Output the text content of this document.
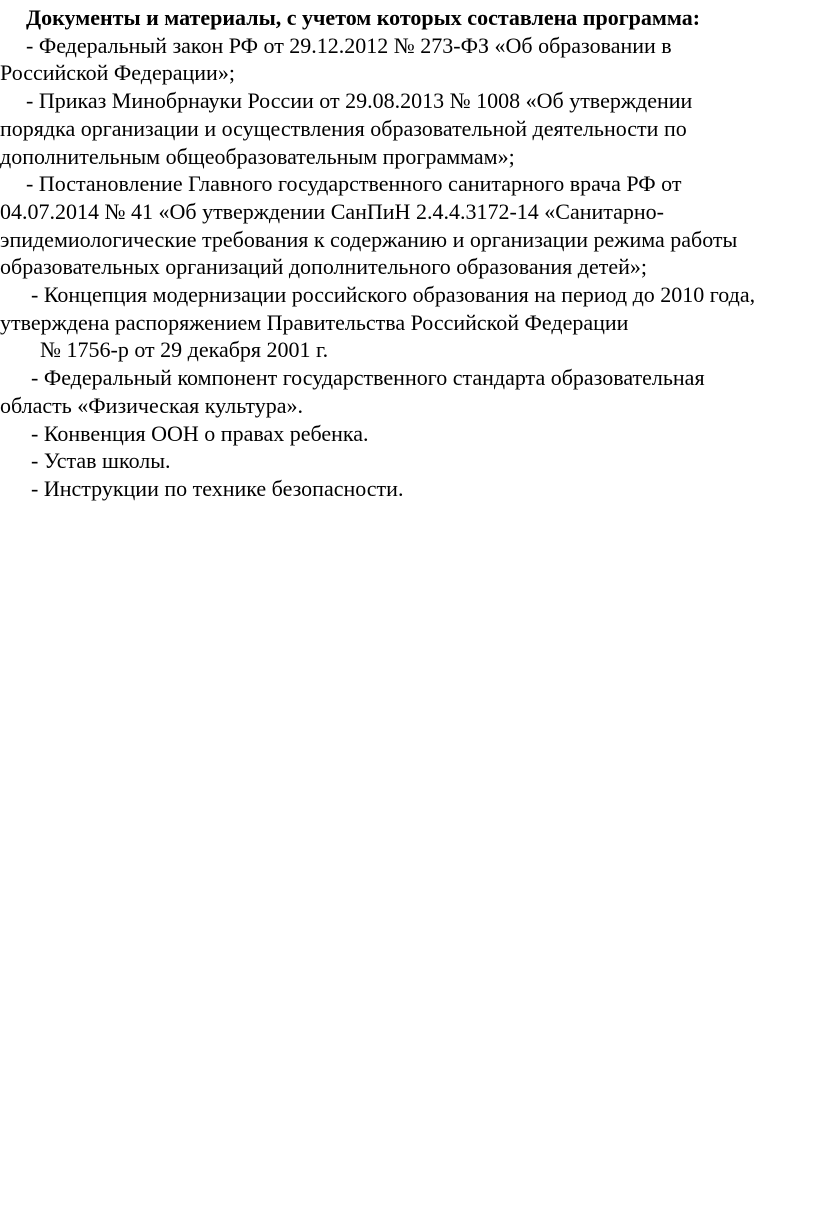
Документы и материалы, с учетом которых составлена программа:

- Федеральный закон РФ от 29.12.2012 № 273-ФЗ «Об образовании в

Российской Федерации»;

- Приказ Минобрнауки России от 29.08.2013 № 1008 «Об утверждении

порядка организации и осуществления образовательной деятельности по

дополнительным общеобразовательным программам»;

- Постановление Главного государственного санитарного врача РФ от

04.07.2014 № 41 «Об утверждении СанПиН 2.4.4.3172-14 «Санитарно-

эпидемиологические требования к содержанию и организации режима работы

образовательных организаций дополнительного образования детей»;

- Концепция модернизации российского образования на период до 2010 года,

утверждена распоряжением Правительства Российской Федерации

№ 1756-р от 29 декабря 2001 г.

- Федеральный компонент государственного стандарта образовательная

область «Физическая культура».

- Конвенция ООН о правах ребенка.

- Устав школы.

- Инструкции по технике безопасности.
